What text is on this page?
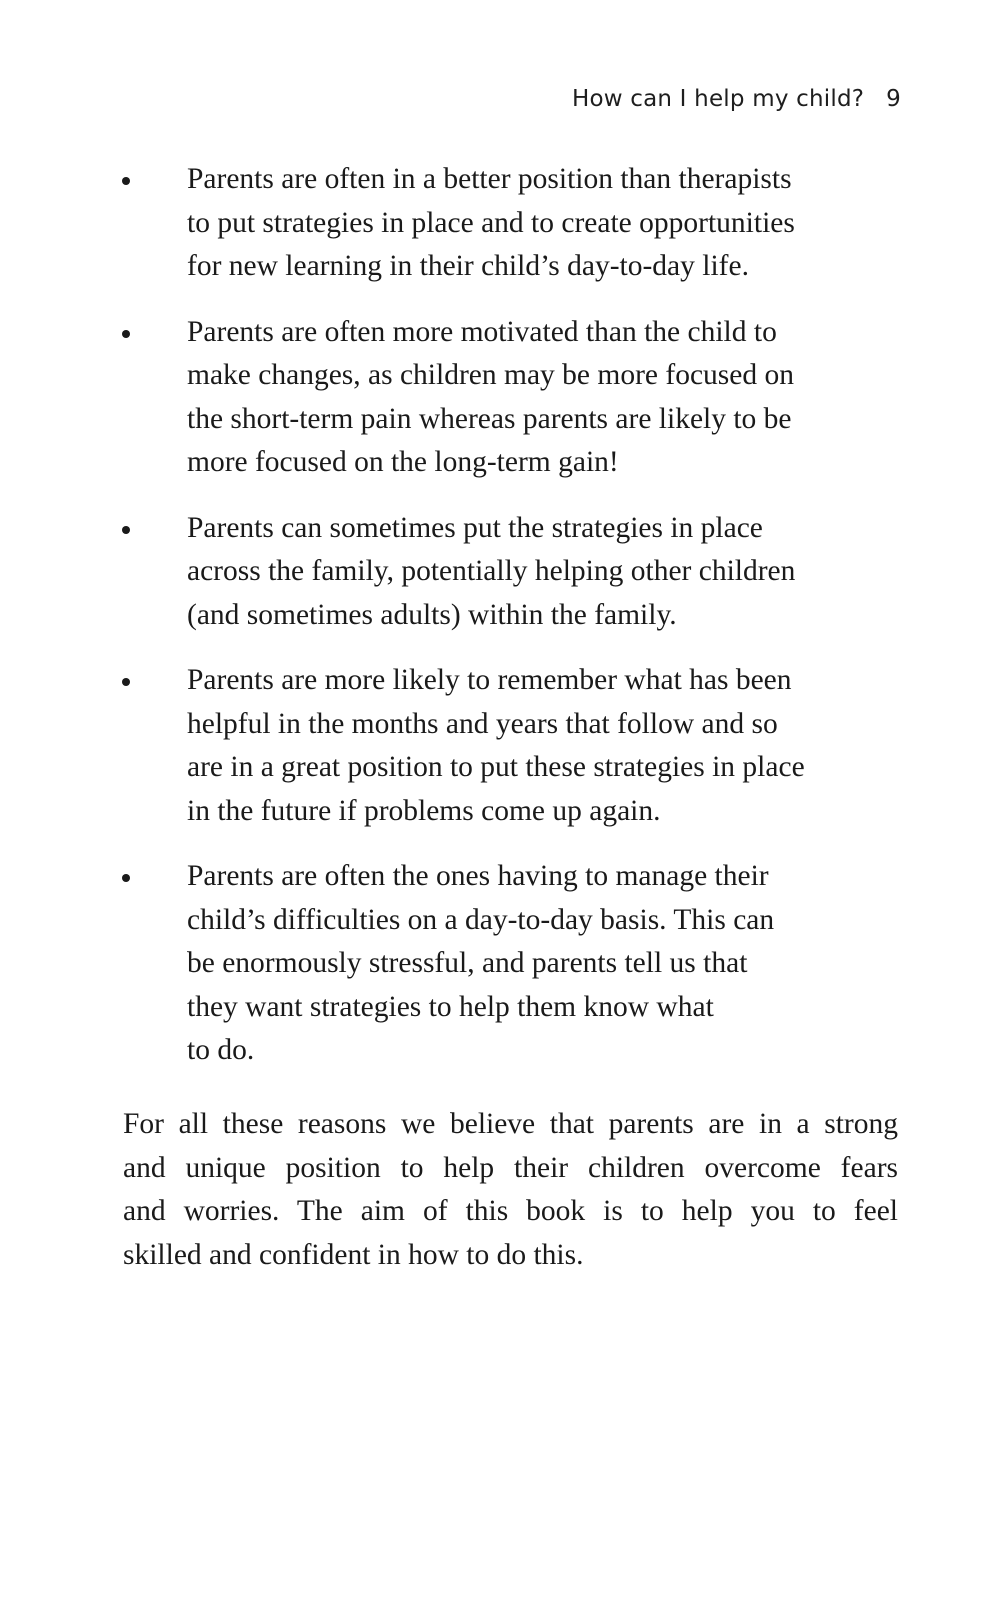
How can I help my child? 9
Parents are often in a better position than therapists
to put strategies in place and to create opportunities
for new learning in their child’s day-to-day life.
Parents are often more motivated than the child to
make changes, as children may be more focused on
the short-term pain whereas parents are likely to be
more focused on the long-term gain!
Parents can sometimes put the strategies in place
across the family, potentially helping other children
(and sometimes adults) within the family.
Parents are more likely to remember what has been
helpful in the months and years that follow and so
are in a great position to put these strategies in place
in the future if problems come up again.
Parents are often the ones having to manage their
child’s difficulties on a day-to-day basis. This can
be enormously stressful, and parents tell us that
they want strategies to help them know what
to do.

For all these reasons we believe that parents are in a strong
and unique position to help their children overcome fears
and worries. The aim of this book is to help you to feel
skilled and confident in how to do this.
